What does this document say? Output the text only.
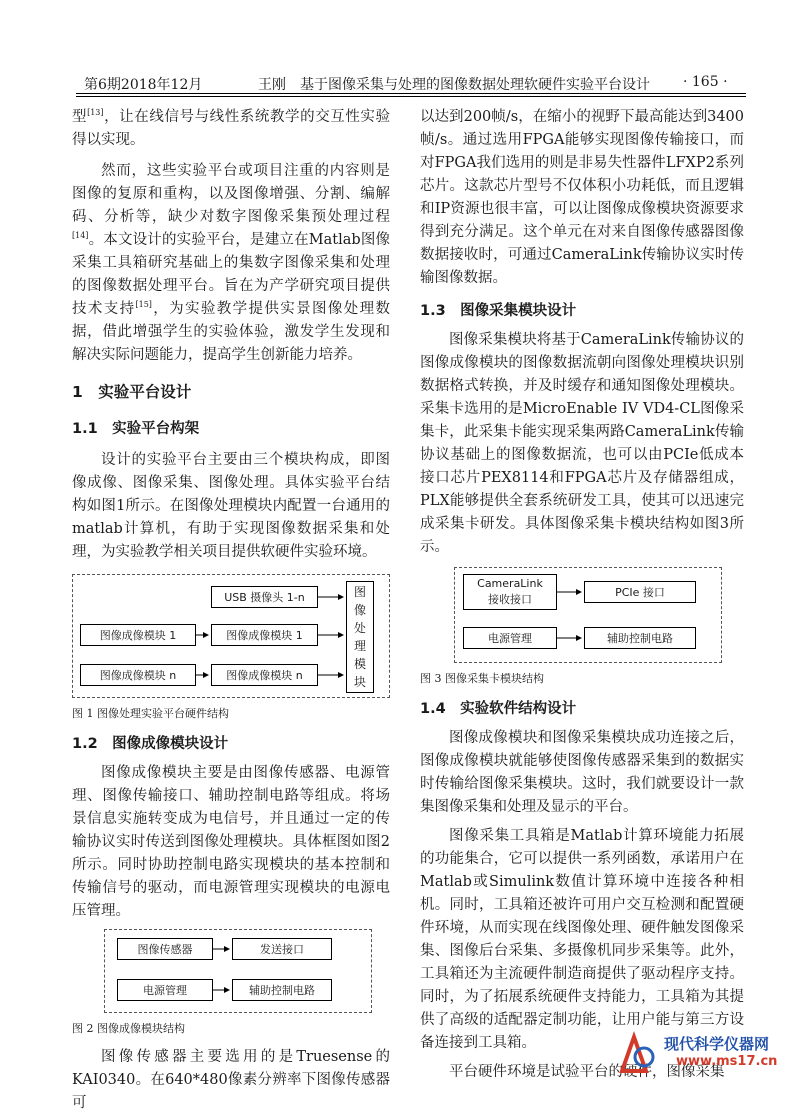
第6期2018年12月	王刚　基于图像采集与处理的图像数据处理软硬件实验平台设计 · 165 ·

型[13]，让在线信号与线性系统教学的交互性实验得以实现。

然而，这些实验平台或项目注重的内容则是图像的复原和重构，以及图像增强、分割、编解码、分析等，缺少对数字图像采集预处理过程[14]。本文设计的实验平台，是建立在Matlab图像采集工具箱研究基础上的集数字图像采集和处理的图像数据处理平台。旨在为产学研究项目提供技术支持[15]，为实验教学提供实景图像处理数据，借此增强学生的实验体验，激发学生发现和解决实际问题能力，提高学生创新能力培养。

1　实验平台设计

1.1　实验平台构架

设计的实验平台主要由三个模块构成，即图像成像、图像采集、图像处理。具体实验平台结构如图1所示。在图像处理模块内配置一台通用的matlab计算机，有助于实现图像数据采集和处理，为实验教学相关项目提供软硬件实验环境。

USB 摄像头 1-n
图像成像模块 1	图像成像模块 1
图像成像模块 n	图像成像模块 n
图
像
处
理
模
块

图 1 图像处理实验平台硬件结构

1.2　图像成像模块设计

图像成像模块主要是由图像传感器、电源管理、图像传输接口、辅助控制电路等组成。将场景信息实施转变成为电信号，并且通过一定的传输协议实时传送到图像处理模块。具体框图如图2所示。同时协助控制电路实现模块的基本控制和传输信号的驱动，而电源管理实现模块的电源电压管理。

图像传感器	发送接口
电源管理	辅助控制电路

图 2 图像成像模块结构

图像传感器主要选用的是Truesense的KAI0340。在640*480像素分辨率下图像传感器可

以达到200帧/s，在缩小的视野下最高能达到3400帧/s。通过选用FPGA能够实现图像传输接口，而对FPGA我们选用的则是非易失性器件LFXP2系列芯片。这款芯片型号不仅体积小功耗低，而且逻辑和IP资源也很丰富，可以让图像成像模块资源要求得到充分满足。这个单元在对来自图像传感器图像数据接收时，可通过CameraLink传输协议实时传输图像数据。

1.3　图像采集模块设计

图像采集模块将基于CameraLink传输协议的图像成像模块的图像数据流朝向图像处理模块识别数据格式转换，并及时缓存和通知图像处理模块。采集卡选用的是MicroEnable IV VD4-CL图像采集卡，此采集卡能实现采集两路CameraLink传输协议基础上的图像数据流，也可以由PCIe低成本接口芯片PEX8114和FPGA芯片及存储器组成，PLX能够提供全套系统研发工具，使其可以迅速完成采集卡研发。具体图像采集卡模块结构如图3所示。

CameraLink
接收接口
PCIe 接口
电源管理	辅助控制电路

图 3 图像采集卡模块结构

1.4　实验软件结构设计

图像成像模块和图像采集模块成功连接之后，图像成像模块就能够使图像传感器采集到的数据实时传输给图像采集模块。这时，我们就要设计一款集图像采集和处理及显示的平台。

图像采集工具箱是Matlab计算环境能力拓展的功能集合，它可以提供一系列函数，承诺用户在Matlab或Simulink数值计算环境中连接各种相机。同时，工具箱还被许可用户交互检测和配置硬件环境，从而实现在线图像处理、硬件触发图像采集、图像后台采集、多摄像机同步采集等。此外，工具箱还为主流硬件制造商提供了驱动程序支持。同时，为了拓展系统硬件支持能力，工具箱为其提供了高级的适配器定制功能，让用户能与第三方设备连接到工具箱。

平台硬件环境是试验平台的硬件，图像采集

现代科学仪器网
www.ms17.cn
